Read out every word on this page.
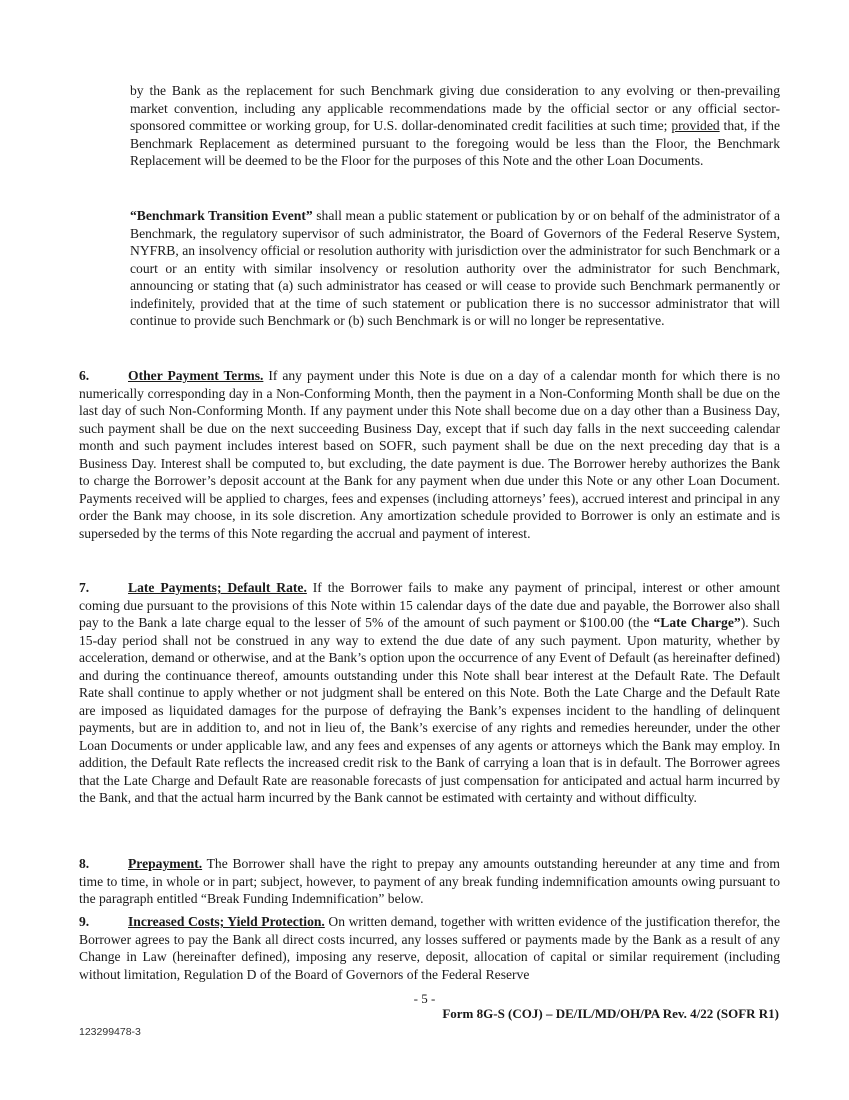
by the Bank as the replacement for such Benchmark giving due consideration to any evolving or then-prevailing market convention, including any applicable recommendations made by the official sector or any official sector-sponsored committee or working group, for U.S. dollar-denominated credit facilities at such time; provided that, if the Benchmark Replacement as determined pursuant to the foregoing would be less than the Floor, the Benchmark Replacement will be deemed to be the Floor for the purposes of this Note and the other Loan Documents.

“Benchmark Transition Event” shall mean a public statement or publication by or on behalf of the administrator of a Benchmark, the regulatory supervisor of such administrator, the Board of Governors of the Federal Reserve System, NYFRB, an insolvency official or resolution authority with jurisdiction over the administrator for such Benchmark or a court or an entity with similar insolvency or resolution authority over the administrator for such Benchmark, announcing or stating that (a) such administrator has ceased or will cease to provide such Benchmark permanently or indefinitely, provided that at the time of such statement or publication there is no successor administrator that will continue to provide such Benchmark or (b) such Benchmark is or will no longer be representative.

6.	Other Payment Terms. If any payment under this Note is due on a day of a calendar month for which there is no numerically corresponding day in a Non-Conforming Month, then the payment in a Non-Conforming Month shall be due on the last day of such Non-Conforming Month. If any payment under this Note shall become due on a day other than a Business Day, such payment shall be due on the next succeeding Business Day, except that if such day falls in the next succeeding calendar month and such payment includes interest based on SOFR, such payment shall be due on the next preceding day that is a Business Day. Interest shall be computed to, but excluding, the date payment is due. The Borrower hereby authorizes the Bank to charge the Borrower’s deposit account at the Bank for any payment when due under this Note or any other Loan Document. Payments received will be applied to charges, fees and expenses (including attorneys’ fees), accrued interest and principal in any order the Bank may choose, in its sole discretion. Any amortization schedule provided to Borrower is only an estimate and is superseded by the terms of this Note regarding the accrual and payment of interest.

7.	Late Payments; Default Rate. If the Borrower fails to make any payment of principal, interest or other amount coming due pursuant to the provisions of this Note within 15 calendar days of the date due and payable, the Borrower also shall pay to the Bank a late charge equal to the lesser of 5% of the amount of such payment or $100.00 (the “Late Charge”). Such 15-day period shall not be construed in any way to extend the due date of any such payment. Upon maturity, whether by acceleration, demand or otherwise, and at the Bank’s option upon the occurrence of any Event of Default (as hereinafter defined) and during the continuance thereof, amounts outstanding under this Note shall bear interest at the Default Rate. The Default Rate shall continue to apply whether or not judgment shall be entered on this Note. Both the Late Charge and the Default Rate are imposed as liquidated damages for the purpose of defraying the Bank’s expenses incident to the handling of delinquent payments, but are in addition to, and not in lieu of, the Bank’s exercise of any rights and remedies hereunder, under the other Loan Documents or under applicable law, and any fees and expenses of any agents or attorneys which the Bank may employ. In addition, the Default Rate reflects the increased credit risk to the Bank of carrying a loan that is in default. The Borrower agrees that the Late Charge and Default Rate are reasonable forecasts of just compensation for anticipated and actual harm incurred by the Bank, and that the actual harm incurred by the Bank cannot be estimated with certainty and without difficulty.

8.	Prepayment. The Borrower shall have the right to prepay any amounts outstanding hereunder at any time and from time to time, in whole or in part; subject, however, to payment of any break funding indemnification amounts owing pursuant to the paragraph entitled “Break Funding Indemnification” below.

9.	Increased Costs; Yield Protection. On written demand, together with written evidence of the justification therefor, the Borrower agrees to pay the Bank all direct costs incurred, any losses suffered or payments made by the Bank as a result of any Change in Law (hereinafter defined), imposing any reserve, deposit, allocation of capital or similar requirement (including without limitation, Regulation D of the Board of Governors of the Federal Reserve

- 5 -
Form 8G-S (COJ) – DE/IL/MD/OH/PA Rev. 4/22 (SOFR R1)
123299478-3
